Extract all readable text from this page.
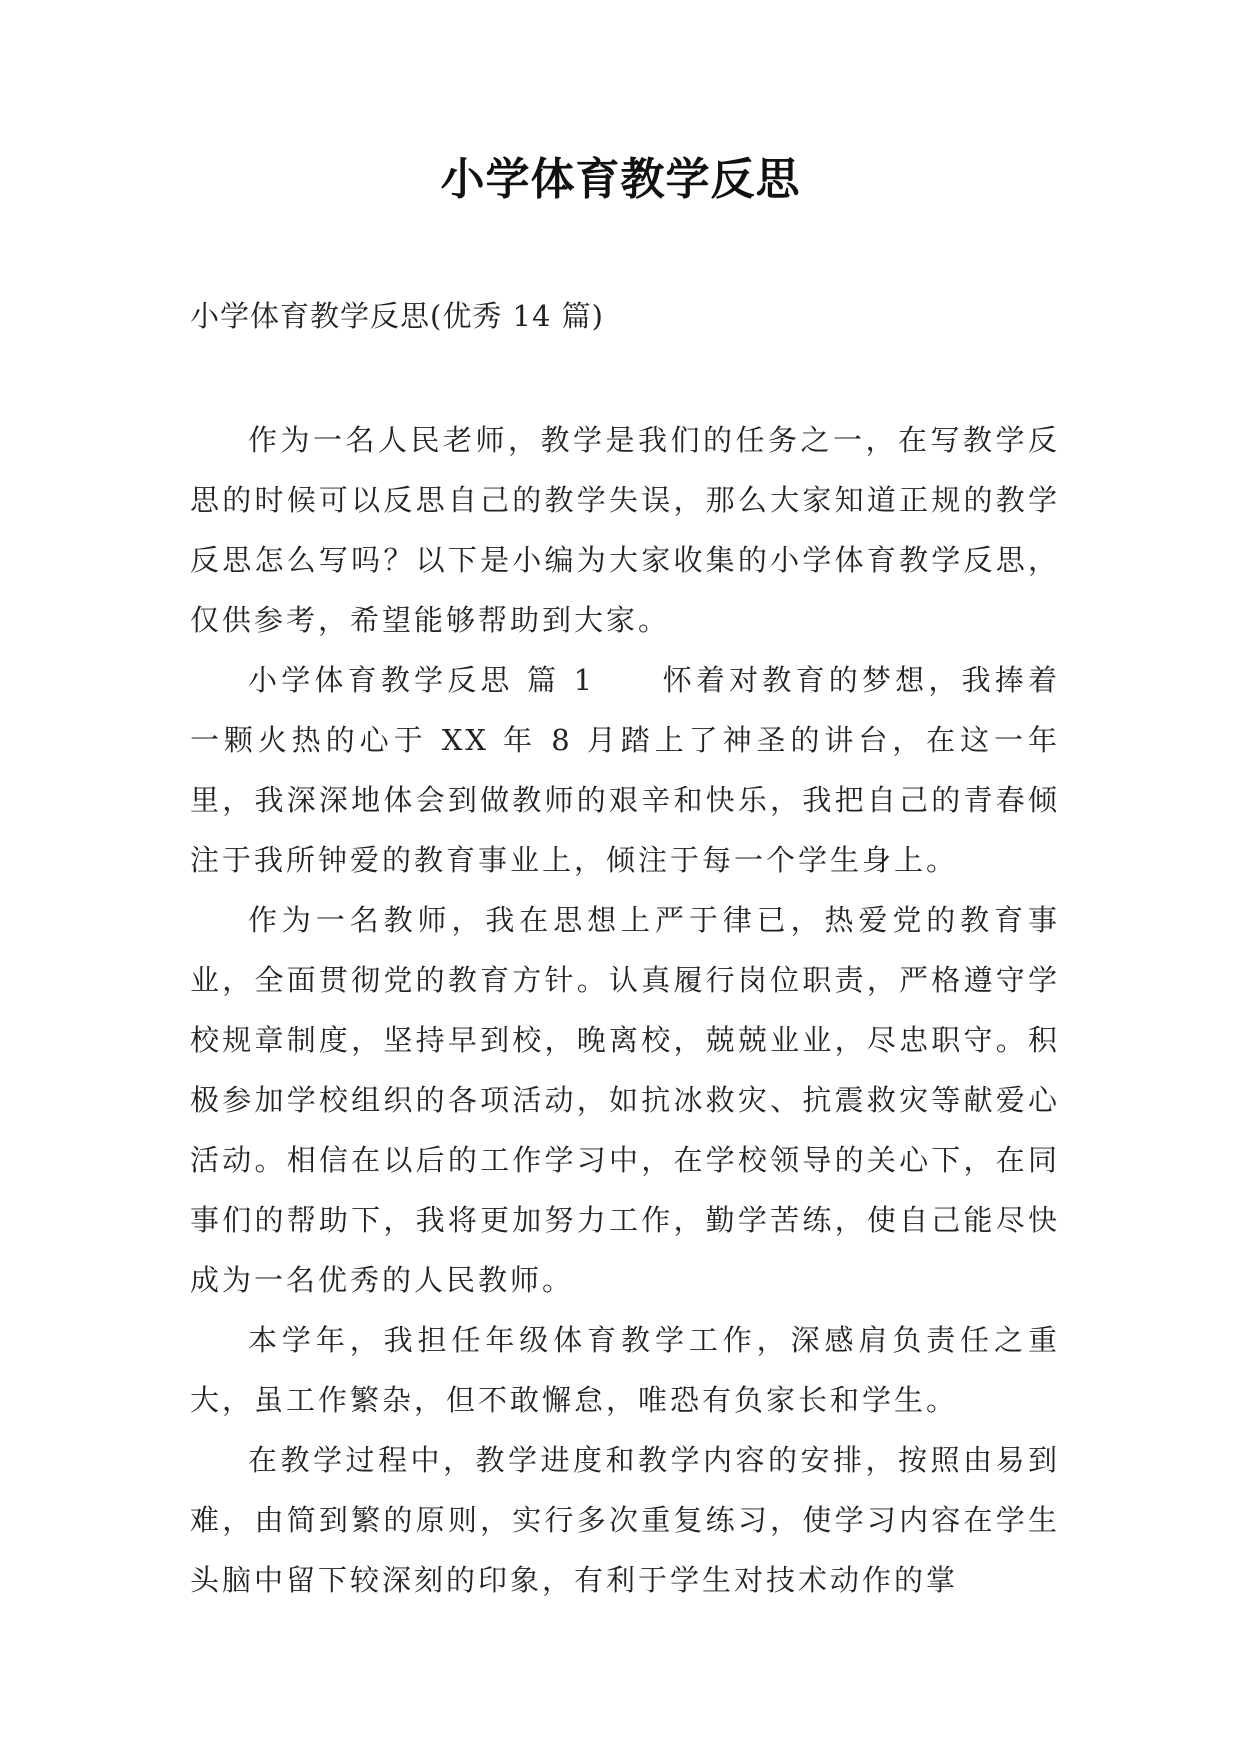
小学体育教学反思
小学体育教学反思(优秀 14 篇)

作为一名人民老师，教学是我们的任务之一，在写教学反思的时候可以反思自己的教学失误，那么大家知道正规的教学反思怎么写吗？以下是小编为大家收集的小学体育教学反思，仅供参考，希望能够帮助到大家。

小学体育教学反思 篇 1　　怀着对教育的梦想，我捧着一颗火热的心于 XX 年 8 月踏上了神圣的讲台，在这一年里，我深深地体会到做教师的艰辛和快乐，我把自己的青春倾注于我所钟爱的教育事业上，倾注于每一个学生身上。

作为一名教师，我在思想上严于律已，热爱党的教育事业，全面贯彻党的教育方针。认真履行岗位职责，严格遵守学校规章制度，坚持早到校，晚离校，兢兢业业，尽忠职守。积极参加学校组织的各项活动，如抗冰救灾、抗震救灾等献爱心活动。相信在以后的工作学习中，在学校领导的关心下，在同事们的帮助下，我将更加努力工作，勤学苦练，使自己能尽快成为一名优秀的人民教师。

本学年，我担任年级体育教学工作，深感肩负责任之重大，虽工作繁杂，但不敢懈怠，唯恐有负家长和学生。

在教学过程中，教学进度和教学内容的安排，按照由易到难，由简到繁的原则，实行多次重复练习，使学习内容在学生头脑中留下较深刻的印象，有利于学生对技术动作的掌
